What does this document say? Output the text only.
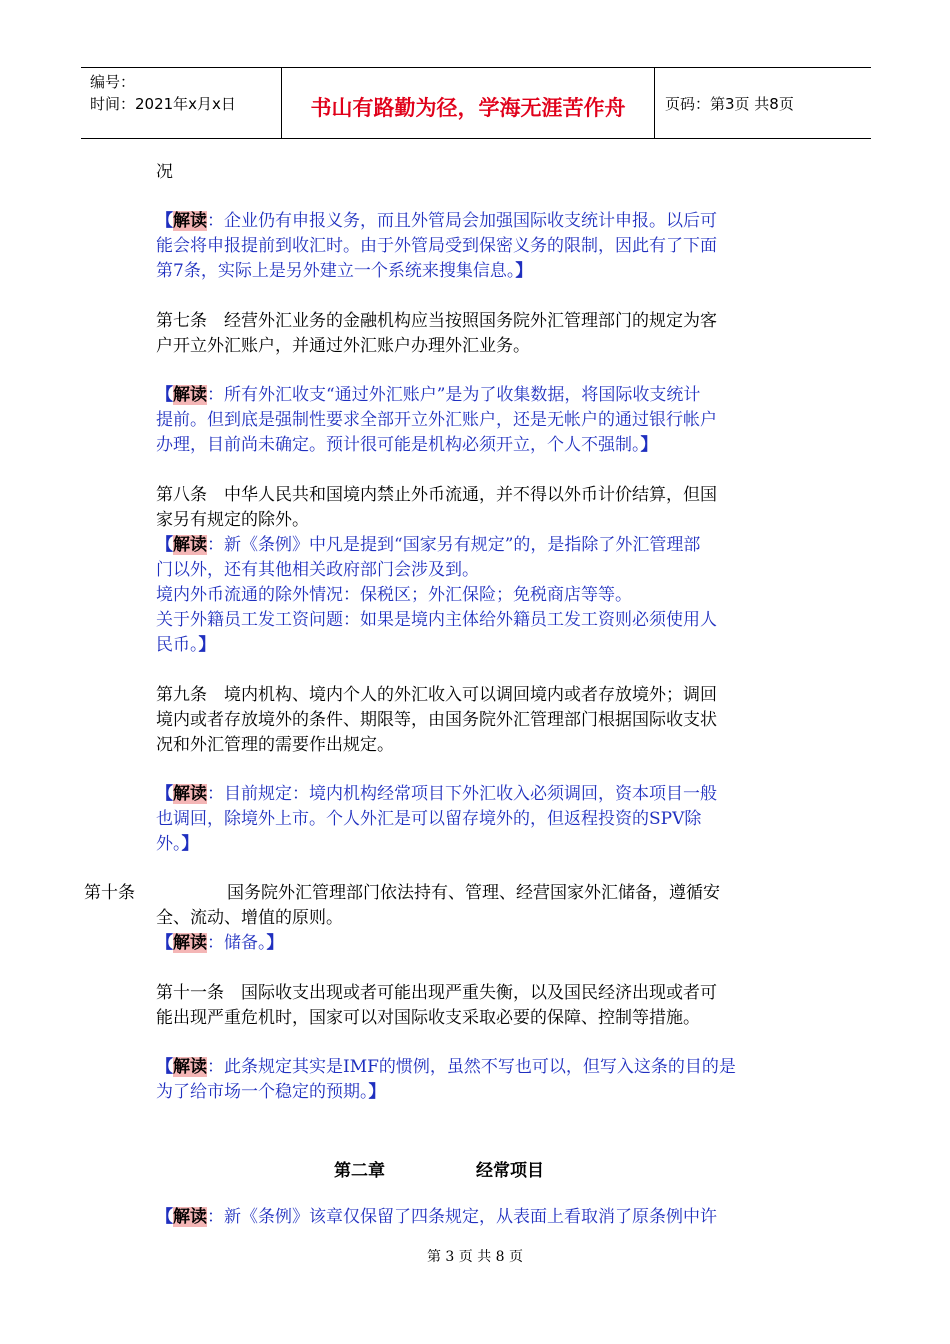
编号：
时间：2021年x月x日	书山有路勤为径，学海无涯苦作舟	页码：第3页 共8页
况
【解读：企业仍有申报义务，而且外管局会加强国际收支统计申报。以后可
能会将申报提前到收汇时。由于外管局受到保密义务的限制，因此有了下面
第7条，实际上是另外建立一个系统来搜集信息。】
第七条　经营外汇业务的金融机构应当按照国务院外汇管理部门的规定为客
户开立外汇账户，并通过外汇账户办理外汇业务。
【解读：所有外汇收支“通过外汇账户”是为了收集数据，将国际收支统计
提前。但到底是强制性要求全部开立外汇账户，还是无帐户的通过银行帐户
办理，目前尚未确定。预计很可能是机构必须开立，个人不强制。】
第八条　中华人民共和国境内禁止外币流通，并不得以外币计价结算，但国
家另有规定的除外。
【解读：新《条例》中凡是提到“国家另有规定”的，是指除了外汇管理部
门以外，还有其他相关政府部门会涉及到。
境内外币流通的除外情况：保税区；外汇保险；免税商店等等。
关于外籍员工发工资问题：如果是境内主体给外籍员工发工资则必须使用人
民币。】
第九条　境内机构、境内个人的外汇收入可以调回境内或者存放境外；调回
境内或者存放境外的条件、期限等，由国务院外汇管理部门根据国际收支状
况和外汇管理的需要作出规定。
【解读：目前规定：境内机构经常项目下外汇收入必须调回，资本项目一般
也调回，除境外上市。个人外汇是可以留存境外的，但返程投资的SPV除
外。】
第十条	国务院外汇管理部门依法持有、管理、经营国家外汇储备，遵循安
全、流动、增值的原则。
【解读：储备。】
第十一条　国际收支出现或者可能出现严重失衡，以及国民经济出现或者可
能出现严重危机时，国家可以对国际收支采取必要的保障、控制等措施。
【解读：此条规定其实是IMF的惯例，虽然不写也可以，但写入这条的目的是
为了给市场一个稳定的预期。】
第二章	经常项目
【解读：新《条例》该章仅保留了四条规定，从表面上看取消了原条例中许
第 3 页 共 8 页
